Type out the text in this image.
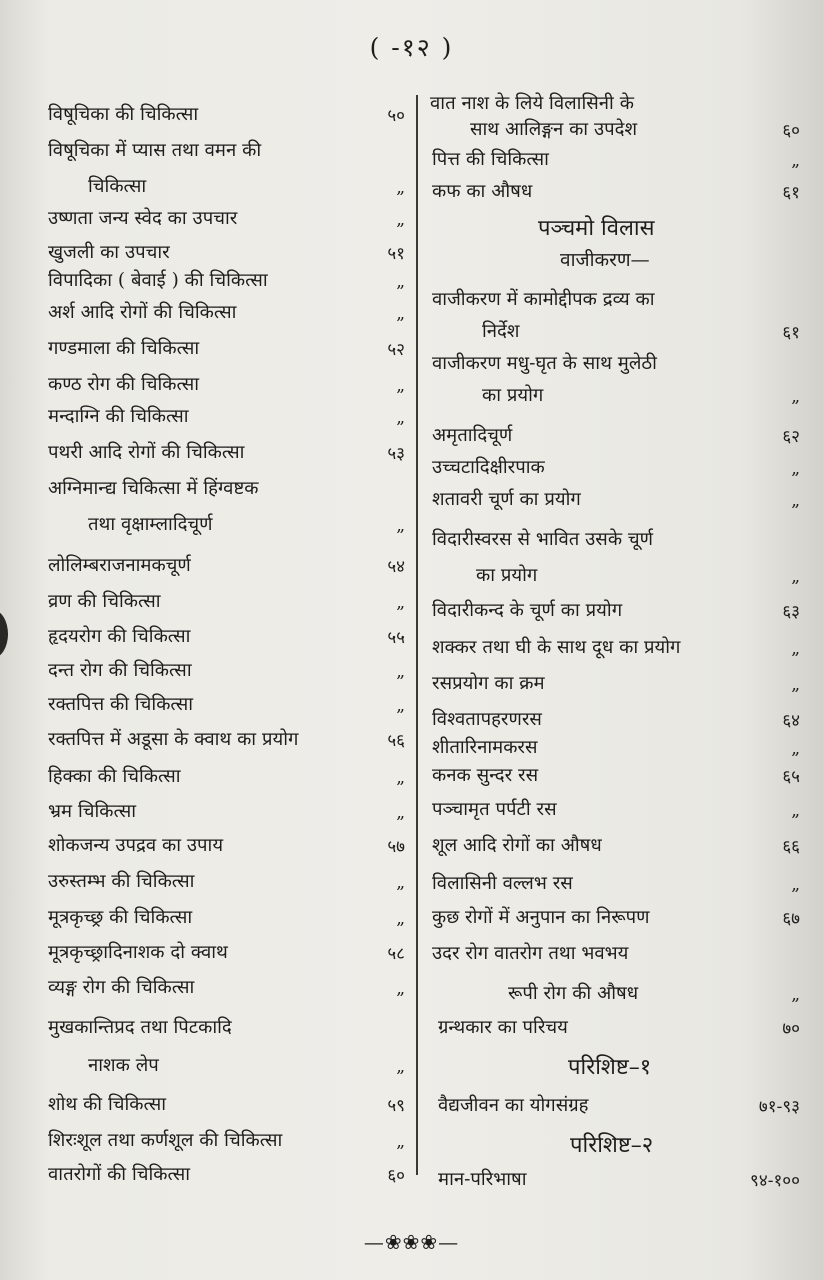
( -१२ )
विषूचिका की चिकित्सा	५०
विषूचिका में प्यास तथा वमन की
चिकित्सा	„
उष्णता जन्य स्वेद का उपचार	„
खुजली का उपचार	५१
विपादिका ( बेवाई ) की चिकित्सा	„
अर्श आदि रोगों की चिकित्सा	„
गण्डमाला की चिकित्सा	५२
कण्ठ रोग की चिकित्सा	„
मन्दाग्नि की चिकित्सा	„
पथरी आदि रोगों की चिकित्सा	५३
अग्निमान्द्य चिकित्सा में हिंग्वष्टक
तथा वृक्षाम्लादिचूर्ण	„
लोलिम्बराजनामकचूर्ण	५४
व्रण की चिकित्सा	„
हृदयरोग की चिकित्सा	५५
दन्त रोग की चिकित्सा	„
रक्तपित्त की चिकित्सा	„
रक्तपित्त में अडूसा के क्वाथ का प्रयोग	५६
हिक्का की चिकित्सा	„
भ्रम चिकित्सा	„
शोकजन्य उपद्रव का उपाय	५७
उरुस्तम्भ की चिकित्सा	„
मूत्रकृच्छ्र की चिकित्सा	„
मूत्रकृच्छ्रादिनाशक दो क्वाथ	५८
व्यङ्ग रोग की चिकित्सा	„
मुखकान्तिप्रद तथा पिटकादि
नाशक लेप	„
शोथ की चिकित्सा	५९
शिरःशूल तथा कर्णशूल की चिकित्सा	„
वातरोगों की चिकित्सा	६०
वात नाश के लिये विलासिनी के
साथ आलिङ्गन का उपदेश	६०
पित्त की चिकित्सा	„
कफ का औषध	६१
पञ्चमो विलास
वाजीकरण—
वाजीकरण में कामोद्दीपक द्रव्य का
निर्देश	६१
वाजीकरण मधु-घृत के साथ मुलेठी
का प्रयोग	„
अमृतादिचूर्ण	६२
उच्चटादिक्षीरपाक	„
शतावरी चूर्ण का प्रयोग	„
विदारीस्वरस से भावित उसके चूर्ण
का प्रयोग	„
विदारीकन्द के चूर्ण का प्रयोग	६३
शक्कर तथा घी के साथ दूध का प्रयोग	„
रसप्रयोग का क्रम	„
विश्वतापहरणरस	६४
शीतारिनामकरस	„
कनक सुन्दर रस	६५
पञ्चामृत पर्पटी रस	„
शूल आदि रोगों का औषध	६६
विलासिनी वल्लभ रस	„
कुछ रोगों में अनुपान का निरूपण	६७
उदर रोग वातरोग तथा भवभय
रूपी रोग की औषध	„
ग्रन्थकार का परिचय	७०
परिशिष्ट–१
वैद्यजीवन का योगसंग्रह	७१-९३
परिशिष्ट–२
मान-परिभाषा	९४-१००
—❀❀❀—
